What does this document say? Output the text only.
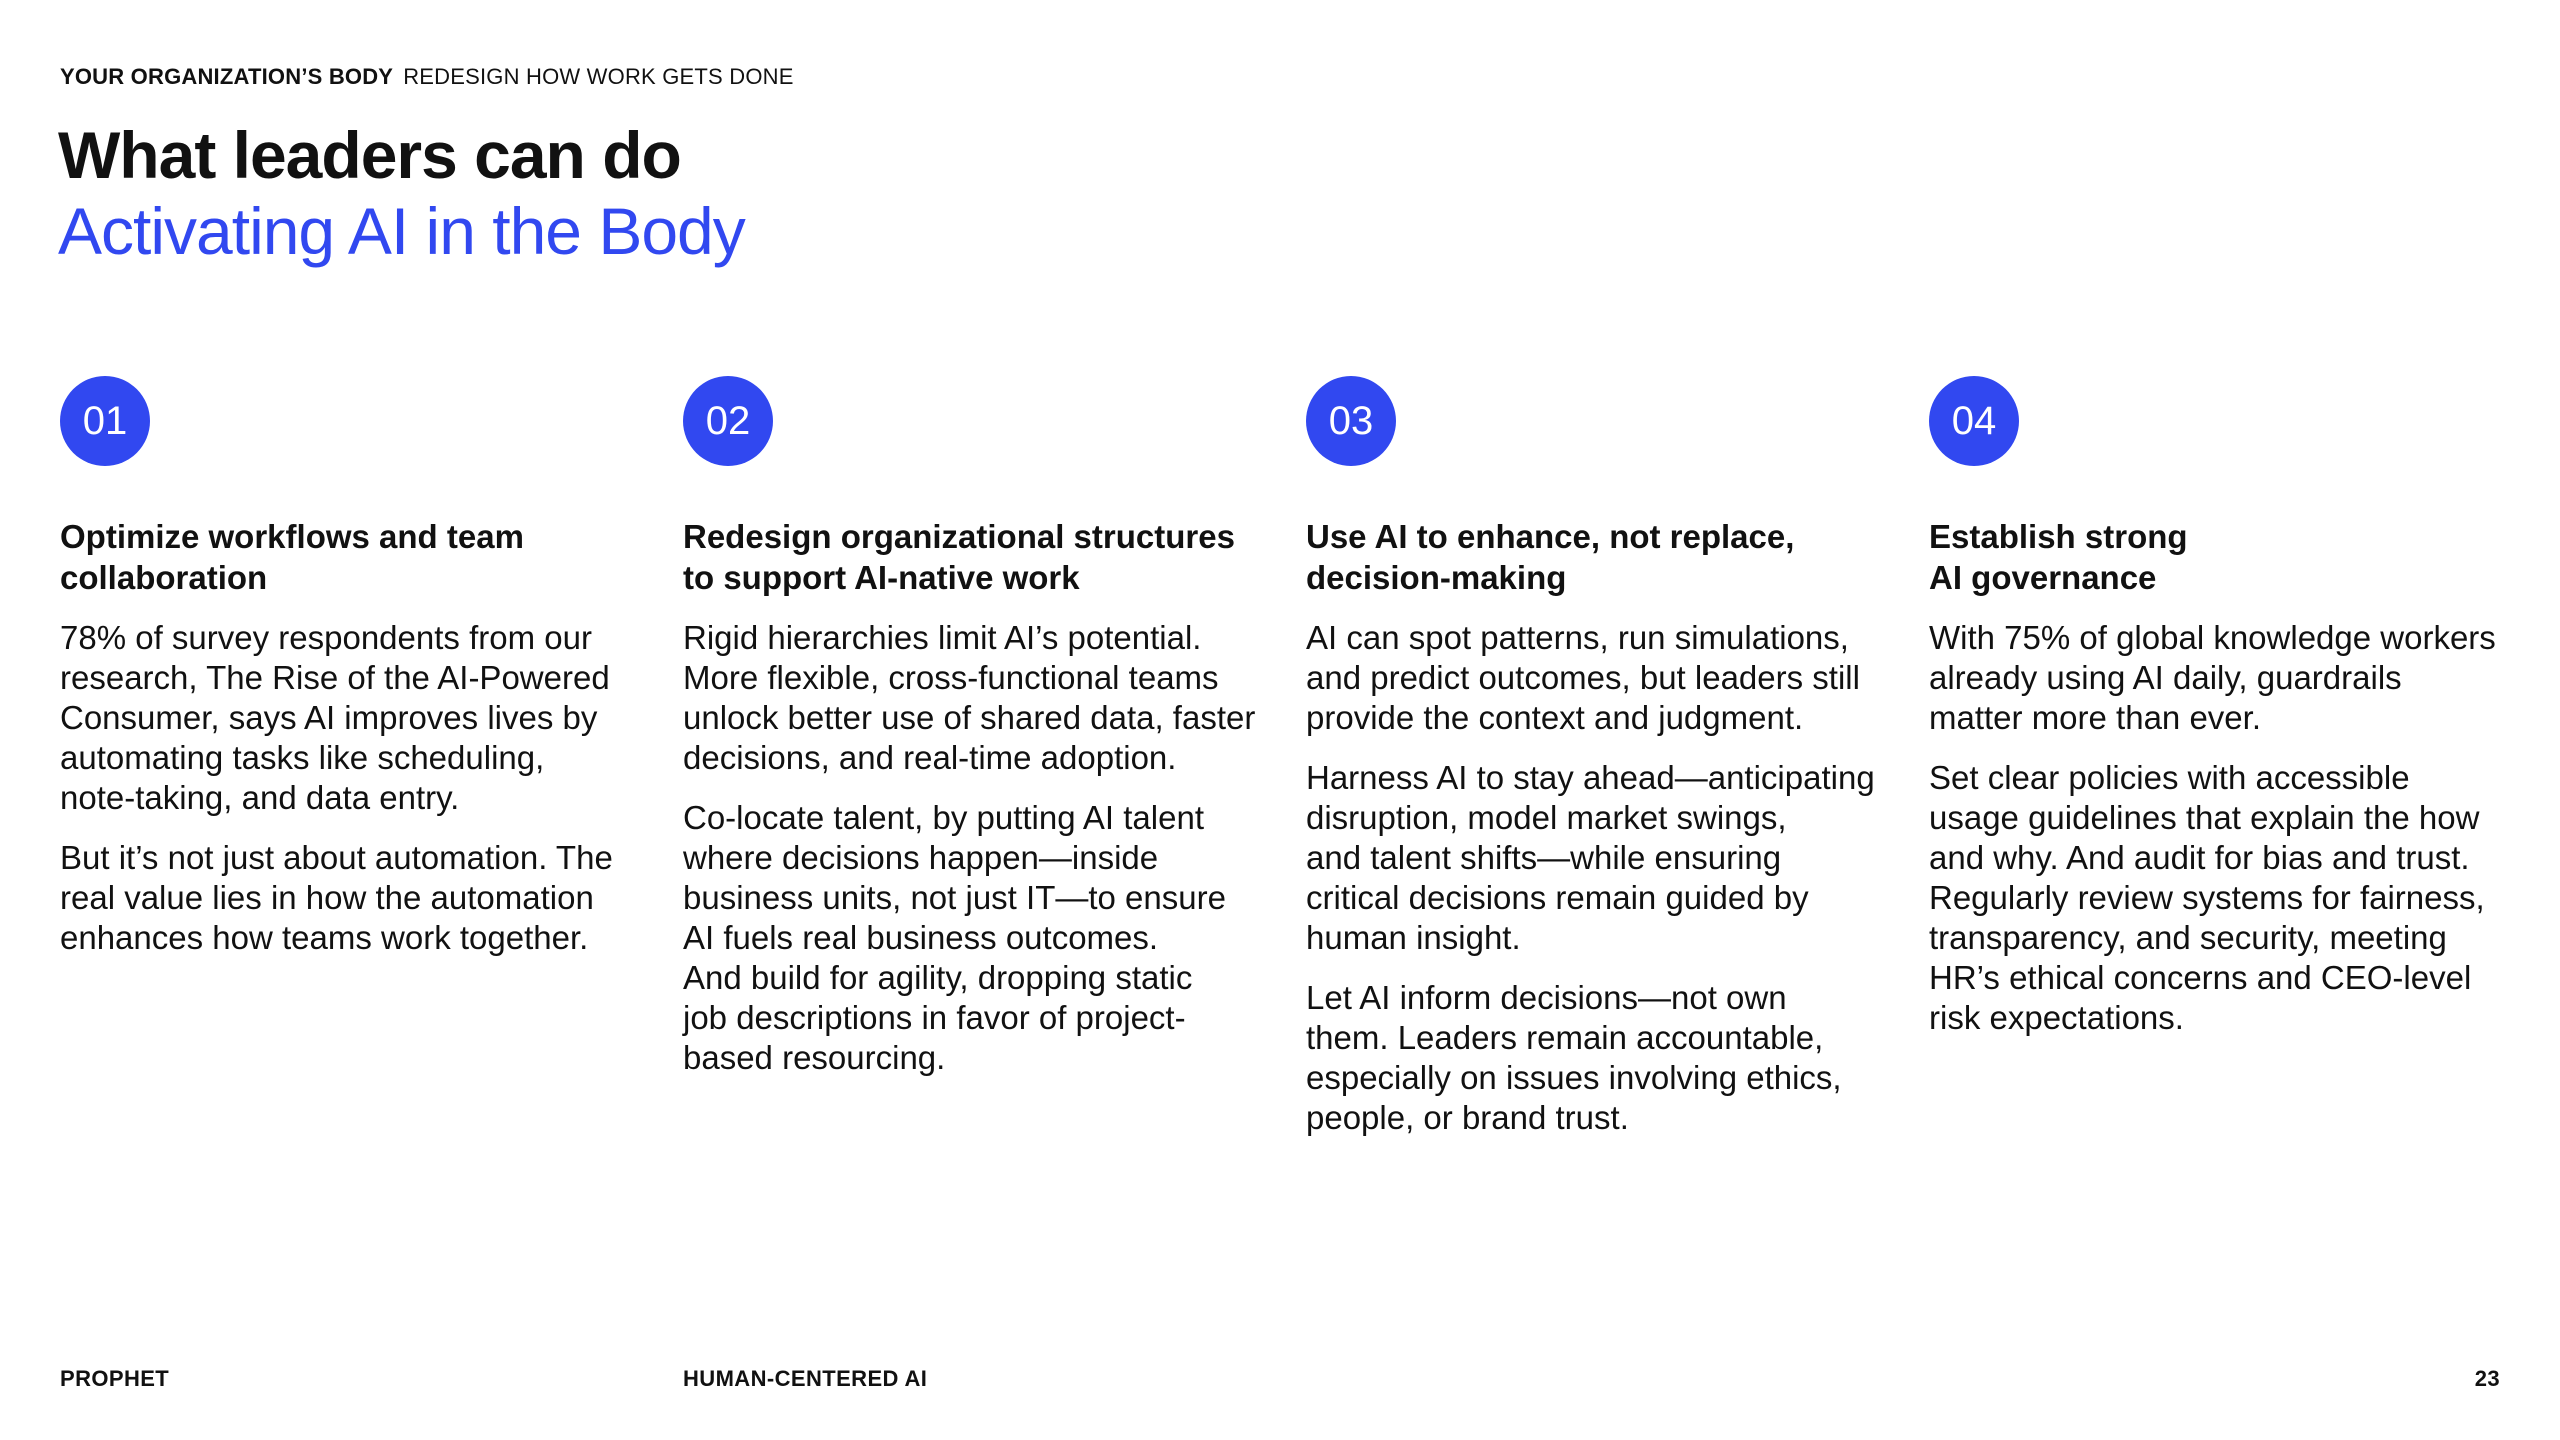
YOUR ORGANIZATION’S BODY REDESIGN HOW WORK GETS DONE
What leaders can do
Activating AI in the Body
01
Optimize workflows and team
collaboration
78% of survey respondents from our
research, The Rise of the AI-Powered
Consumer, says AI improves lives by
automating tasks like scheduling,
note-taking, and data entry.
But it’s not just about automation. The
real value lies in how the automation
enhances how teams work together.
02
Redesign organizational structures
to support AI-native work
Rigid hierarchies limit AI’s potential.
More flexible, cross-functional teams
unlock better use of shared data, faster
decisions, and real-time adoption.
Co-locate talent, by putting AI talent
where decisions happen—inside
business units, not just IT—to ensure
AI fuels real business outcomes.
And build for agility, dropping static
job descriptions in favor of project-
based resourcing.
03
Use AI to enhance, not replace,
decision-making
AI can spot patterns, run simulations,
and predict outcomes, but leaders still
provide the context and judgment.
Harness AI to stay ahead—anticipating
disruption, model market swings,
and talent shifts—while ensuring
critical decisions remain guided by
human insight.
Let AI inform decisions—not own
them. Leaders remain accountable,
especially on issues involving ethics,
people, or brand trust.
04
Establish strong
AI governance
With 75% of global knowledge workers
already using AI daily, guardrails
matter more than ever.
Set clear policies with accessible
usage guidelines that explain the how
and why. And audit for bias and trust.
Regularly review systems for fairness,
transparency, and security, meeting
HR’s ethical concerns and CEO-level
risk expectations.
PROPHET	HUMAN-CENTERED AI	23
